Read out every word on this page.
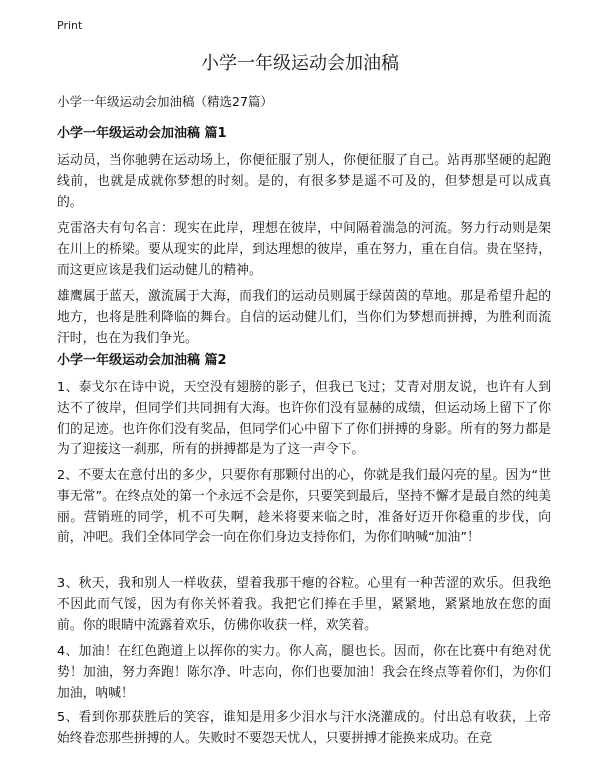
Print
小学一年级运动会加油稿

小学一年级运动会加油稿（精选27篇）

小学一年级运动会加油稿 篇1

运动员，当你驰骋在运动场上，你便征服了别人，你便征服了自己。站再那坚硬的起跑线前，也就是成就你梦想的时刻。是的，有很多梦是遥不可及的，但梦想是可以成真的。

克雷洛夫有句名言：现实在此岸，理想在彼岸，中间隔着湍急的河流。努力行动则是架在川上的桥梁。要从现实的此岸，到达理想的彼岸，重在努力，重在自信。贵在坚持，而这更应该是我们运动健儿的精神。

雄鹰属于蓝天，激流属于大海，而我们的运动员则属于绿茵茵的草地。那是希望升起的地方，也将是胜利降临的舞台。自信的运动健儿们，当你们为梦想而拼搏，为胜利而流汗时，也在为我们争光。

小学一年级运动会加油稿 篇2

1、泰戈尔在诗中说，天空没有翅膀的影子，但我已飞过；艾青对朋友说，也许有人到达不了彼岸，但同学们共同拥有大海。也许你们没有显赫的成绩，但运动场上留下了你们的足迹。也许你们没有奖品，但同学们心中留下了你们拼搏的身影。所有的努力都是为了迎接这一刹那，所有的拼搏都是为了这一声令下。

2、不要太在意付出的多少，只要你有那颗付出的心，你就是我们最闪亮的星。因为“世事无常”。在终点处的第一个永远不会是你，只要笑到最后，坚持不懈才是最自然的纯美丽。营销班的同学，机不可失啊，趁米将要来临之时，准备好迈开你稳重的步伐，向前，冲吧。我们全体同学会一向在你们身边支持你们，为你们呐喊“加油”！

3、秋天，我和别人一样收获，望着我那干瘪的谷粒。心里有一种苦涩的欢乐。但我绝不因此而气馁，因为有你关怀着我。我把它们捧在手里，紧紧地，紧紧地放在您的面前。你的眼睛中流露着欢乐，仿佛你收获一样，欢笑着。

4、加油！在红色跑道上以挥你的实力。你人高，腿也长。因而，你在比赛中有绝对优势！加油，努力奔跑！陈尔净、叶志向，你们也要加油！我会在终点等着你们，为你们加油，呐喊！

5、看到你那获胜后的笑容，谁知是用多少泪水与汗水浇灌成的。付出总有收获，上帝始终眷恋那些拼搏的人。失败时不要怨天忧人，只要拼搏才能换来成功。在竞
